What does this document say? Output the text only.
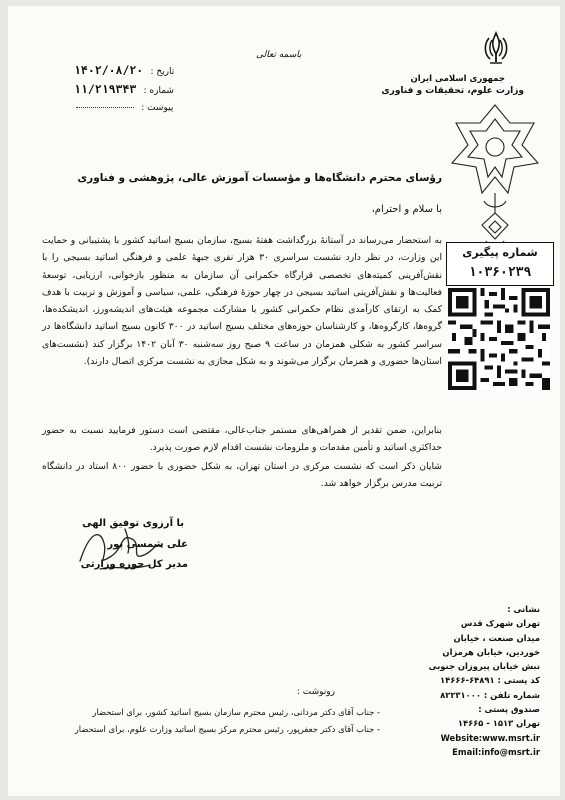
جمهوری اسلامی ایران
وزارت علوم، تحقیقات و فناوری
باسمه تعالی
۱۴۰۲/۰۸/۲۰ تاریخ :
۱۱/۲۱۹۳۴۳ شماره :
پیوست :
رؤسای محترم دانشگاه‌ها و مؤسسات آموزش عالی، پژوهشی و فناوری
با سلام و احترام،

به استحضار می‌رساند در آستانهٔ بزرگداشت هفتهٔ بسیج، سازمان بسیج اساتید کشور با پشتیبانی و حمایت این وزارت، در نظر دارد نشست سراسری ۳۰ هزار نفری جبههٔ علمی و فرهنگی اساتید بسیجی را با نقش‌آفرینی کمیته‌های تخصصی قرارگاه حکمرانی آن سازمان به منظور بازخوانی، ارزیابی، توسعهٔ فعالیت‌ها و نقش‌آفرینی اساتید بسیجی در چهار حوزهٔ فرهنگی، علمی، سیاسی و آموزش و تربیت با هدف کمک به ارتقای کارآمدی نظام حکمرانی کشور با مشارکت مجموعه هیئت‌های اندیشه‌ورز، اندیشکده‌ها، گروه‌ها، کارگروه‌ها، و کارشناسان حوزه‌های مختلف بسیج اساتید در ۳۰۰ کانون بسیج اساتید دانشگاه‌ها در سراسر کشور به شکلی همزمان در ساعت ۹ صبح روز سه‌شنبه ۳۰ آبان ۱۴۰۲ برگزار کند (نشست‌های استان‌ها حضوری و همزمان برگزار می‌شوند و به شکل مجازی به نشست مرکزی اتصال دارند).

بنابراین، ضمن تقدیر از همراهی‌های مستمر جناب‌عالی، مقتضی است دستور فرمایید نسبت به حضور حداکثری اساتید و تأمین مقدمات و ملزومات نشست اقدام لازم صورت پذیرد.

شایان ذکر است که نشست مرکزی در استان تهران، به شکل حضوری با حضور ۸۰۰ استاد در دانشگاه تربیت مدرس برگزار خواهد شد.

شماره پیگیری
۱۰۳۶۰۲۳۹
با آرزوی توفیق الهی
علی شمسی پور
مدیر کل حوزه وزارتی
نشانی :
تهران شهرک قدس
میدان صنعت ، خیابان
خوردین، خیابان هرمزان
نبش خیابان پیروزان جنوبی
کد پستی : ۶۴۸۹۱-۱۴۶۶۶
شماره تلفن : ۸۲۲۳۱۰۰۰
صندوق پستی :
تهران ۱۵۱۳ - ۱۴۶۶۵
Website:www.msrt.ir
Email:info@msrt.ir
رونوشت :
- جناب آقای دکتر مردانی، رئیس محترم سازمان بسیج اساتید کشور، برای استحضار
- جناب آقای دکتر جعفرپور، رئیس محترم مرکز بسیج اساتید وزارت علوم، برای استحضار
